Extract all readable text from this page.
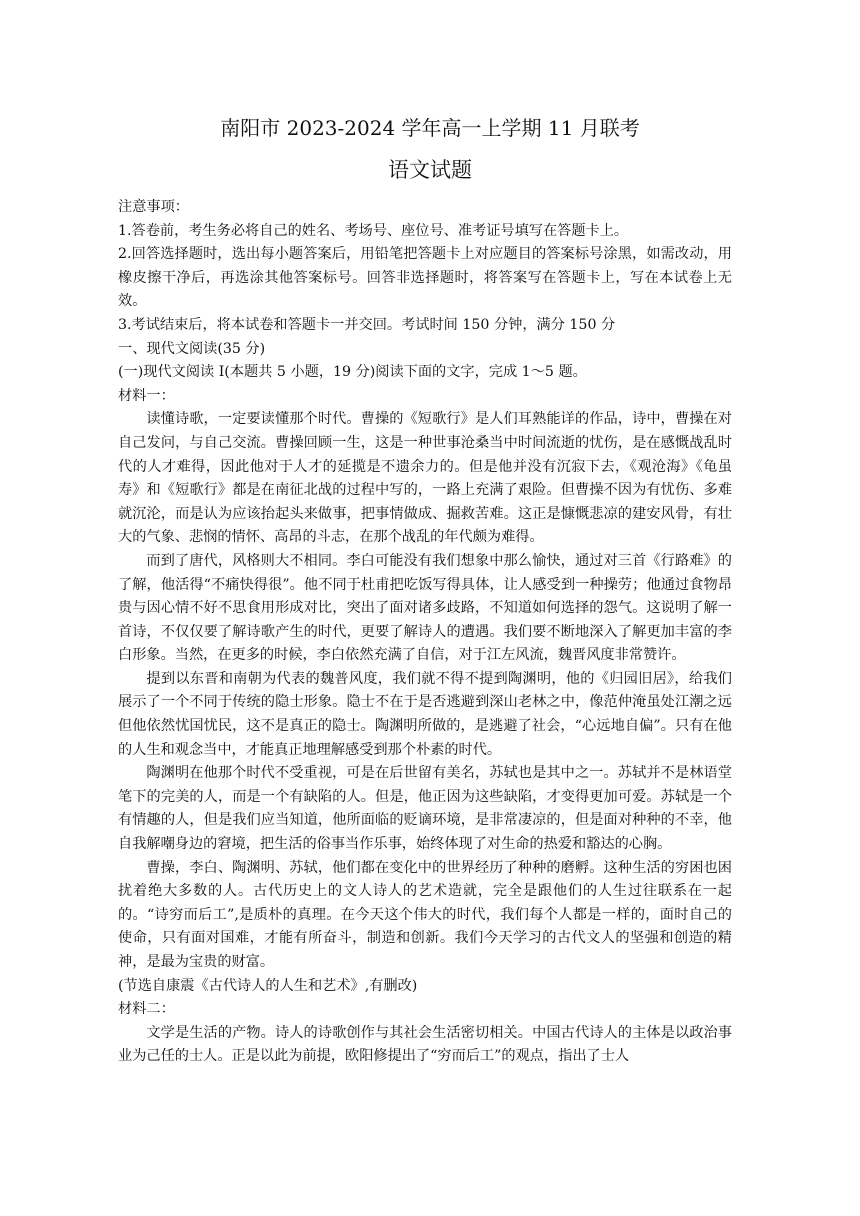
南阳市 2023-2024 学年高一上学期 11 月联考
语文试题

注意事项：

1.答卷前，考生务必将自己的姓名、考场号、座位号、准考证号填写在答题卡上。

2.回答选择题时，选出每小题答案后，用铅笔把答题卡上对应题目的答案标号涂黑，如需改动，用橡皮擦干净后，再选涂其他答案标号。回答非选择题时，将答案写在答题卡上，写在本试卷上无效。

3.考试结束后，将本试卷和答题卡一并交回。考试时间 150 分钟，满分 150 分

一、现代文阅读(35 分)

(一)现代文阅读 I(本题共 5 小题，19 分)阅读下面的文字，完成 1～5 题。

材料一：

读懂诗歌，一定要读懂那个时代。曹操的《短歌行》是人们耳熟能详的作品，诗中，曹操在对自己发问，与自己交流。曹操回顾一生，这是一种世事沧桑当中时间流逝的忧伤，是在感慨战乱时代的人才难得，因此他对于人才的延揽是不遗余力的。但是他并没有沉寂下去，《观沧海》《龟虽寿》和《短歌行》都是在南征北战的过程中写的，一路上充满了艰险。但曹操不因为有忧伤、多难就沉沦，而是认为应该抬起头来做事，把事情做成、掘救苦难。这正是慷慨悲凉的建安风骨，有壮大的气象、悲悯的情怀、高昂的斗志，在那个战乱的年代颇为难得。

而到了唐代，风格则大不相同。李白可能没有我们想象中那么愉快，通过对三首《行路难》的了解，他活得“不痛快得很”。他不同于杜甫把吃饭写得具体，让人感受到一种操劳；他通过食物昂贵与因心情不好不思食用形成对比，突出了面对诸多歧路，不知道如何选择的怨气。这说明了解一首诗，不仅仅要了解诗歌产生的时代，更要了解诗人的遭遇。我们要不断地深入了解更加丰富的李白形象。当然，在更多的时候，李白依然充满了自信，对于江左风流，魏晋风度非常赞许。

提到以东晋和南朝为代表的魏普风度，我们就不得不提到陶渊明，他的《归园旧居》，给我们展示了一个不同于传统的隐士形象。隐士不在于是否逃避到深山老林之中，像范仲淹虽处江潮之远但他依然忧国忧民，这不是真正的隐士。陶渊明所做的，是逃避了社会，“心远地自偏”。只有在他的人生和观念当中，才能真正地理解感受到那个朴素的时代。

陶渊明在他那个时代不受重视，可是在后世留有美名，苏轼也是其中之一。苏轼并不是林语堂笔下的完美的人，而是一个有缺陷的人。但是，他正因为这些缺陷，才变得更加可爱。苏轼是一个有情趣的人，但是我们应当知道，他所面临的贬谪环境，是非常凄凉的，但是面对种种的不幸，他自我解嘲身边的窘境，把生活的俗事当作乐事，始终体现了对生命的热爱和豁达的心胸。

曹操，李白、陶渊明、苏轼，他们都在变化中的世界经历了种种的磨孵。这种生活的穷困也困扰着绝大多数的人。古代历史上的文人诗人的艺术造就，完全是跟他们的人生过往联系在一起的。“诗穷而后工”,是质朴的真理。在今天这个伟大的时代，我们每个人都是一样的，面时自己的使命，只有面对国难，才能有所奋斗，制造和创新。我们今天学习的古代文人的坚强和创造的精神，是最为宝贵的财富。

(节选自康震《古代诗人的人生和艺术》,有删改)

材料二：

文学是生活的产物。诗人的诗歌创作与其社会生活密切相关。中国古代诗人的主体是以政治事业为己任的士人。正是以此为前提，欧阳修提出了“穷而后工”的观点，指出了士人
